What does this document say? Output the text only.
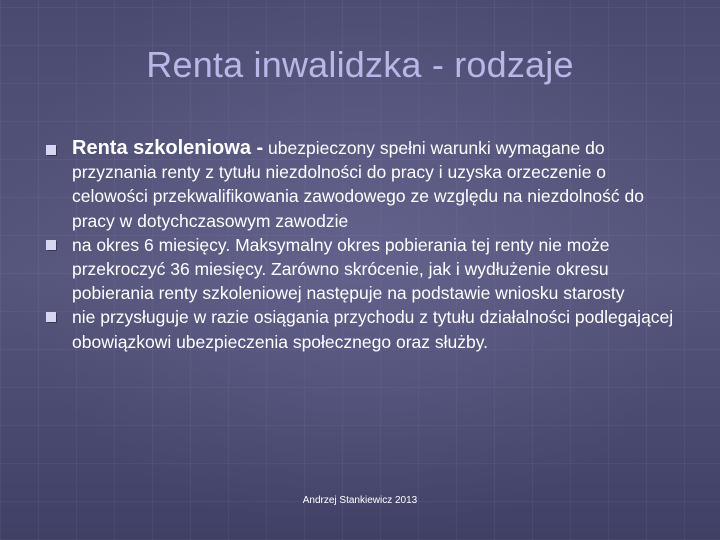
Renta inwalidzka - rodzaje
Renta szkoleniowa - ubezpieczony spełni warunki wymagane do przyznania renty z tytułu niezdolności do pracy i uzyska orzeczenie o celowości przekwalifikowania zawodowego ze względu na niezdolność do pracy w dotychczasowym zawodzie
na okres 6 miesięcy. Maksymalny okres pobierania tej renty nie może przekroczyć 36 miesięcy. Zarówno skrócenie, jak i wydłużenie okresu pobierania renty szkoleniowej następuje na podstawie wniosku starosty
nie przysługuje w razie osiągania przychodu z tytułu działalności podlegającej obowiązkowi ubezpieczenia społecznego oraz służby.
Andrzej Stankiewicz 2013
